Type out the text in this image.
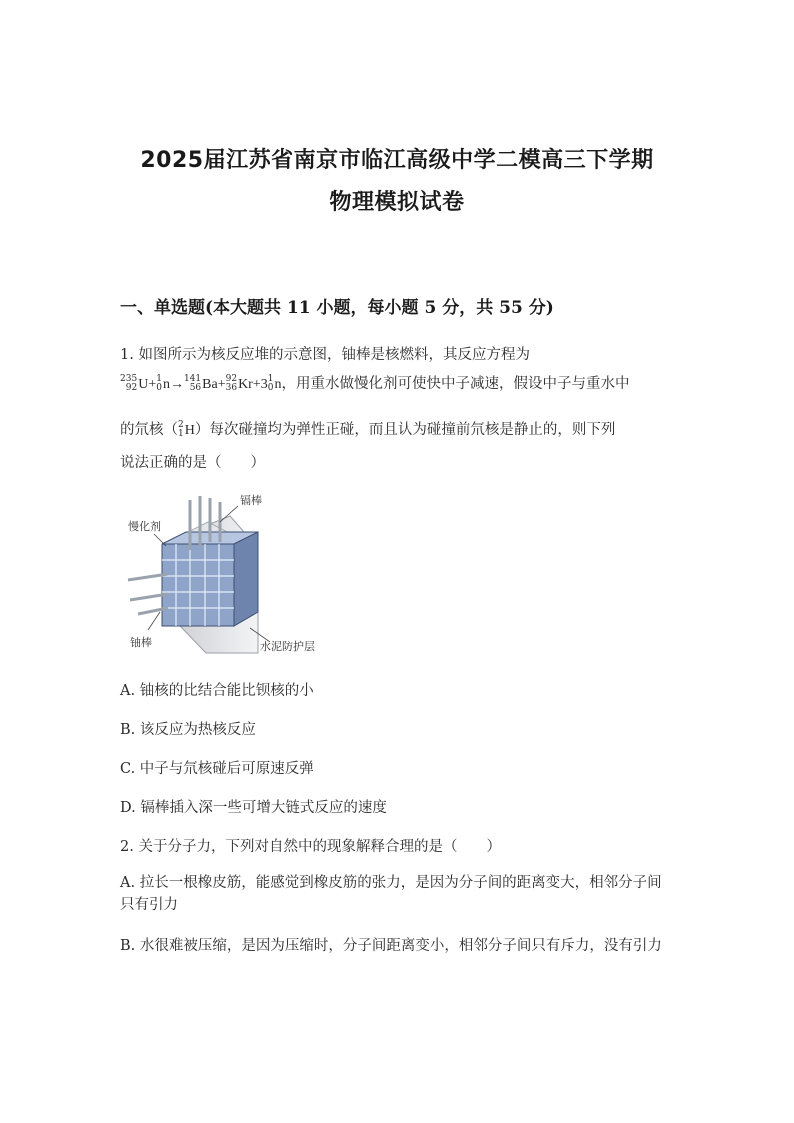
2025届江苏省南京市临江高级中学二模高三下学期
物理模拟试卷
一、单选题(本大题共 11 小题，每小题 5 分，共 55 分)
1. 如图所示为核反应堆的示意图，铀棒是核燃料，其反应方程为
235
92U+1
0n→141
56Ba+92
36Kr+31
0n，用重水做慢化剂可使快中子减速，假设中子与重水中
的氘核（2
1H）每次碰撞均为弹性正碰，而且认为碰撞前氘核是静止的，则下列
说法正确的是（　　）
镉棒
慢化剂
铀棒	水泥防护层
A. 铀核的比结合能比钡核的小
B. 该反应为热核反应
C. 中子与氘核碰后可原速反弹
D. 镉棒插入深一些可增大链式反应的速度
2. 关于分子力，下列对自然中的现象解释合理的是（　　）
A. 拉长一根橡皮筋，能感觉到橡皮筋的张力，是因为分子间的距离变大，相邻分子间只有引力
B. 水很难被压缩，是因为压缩时，分子间距离变小，相邻分子间只有斥力，没有引力
